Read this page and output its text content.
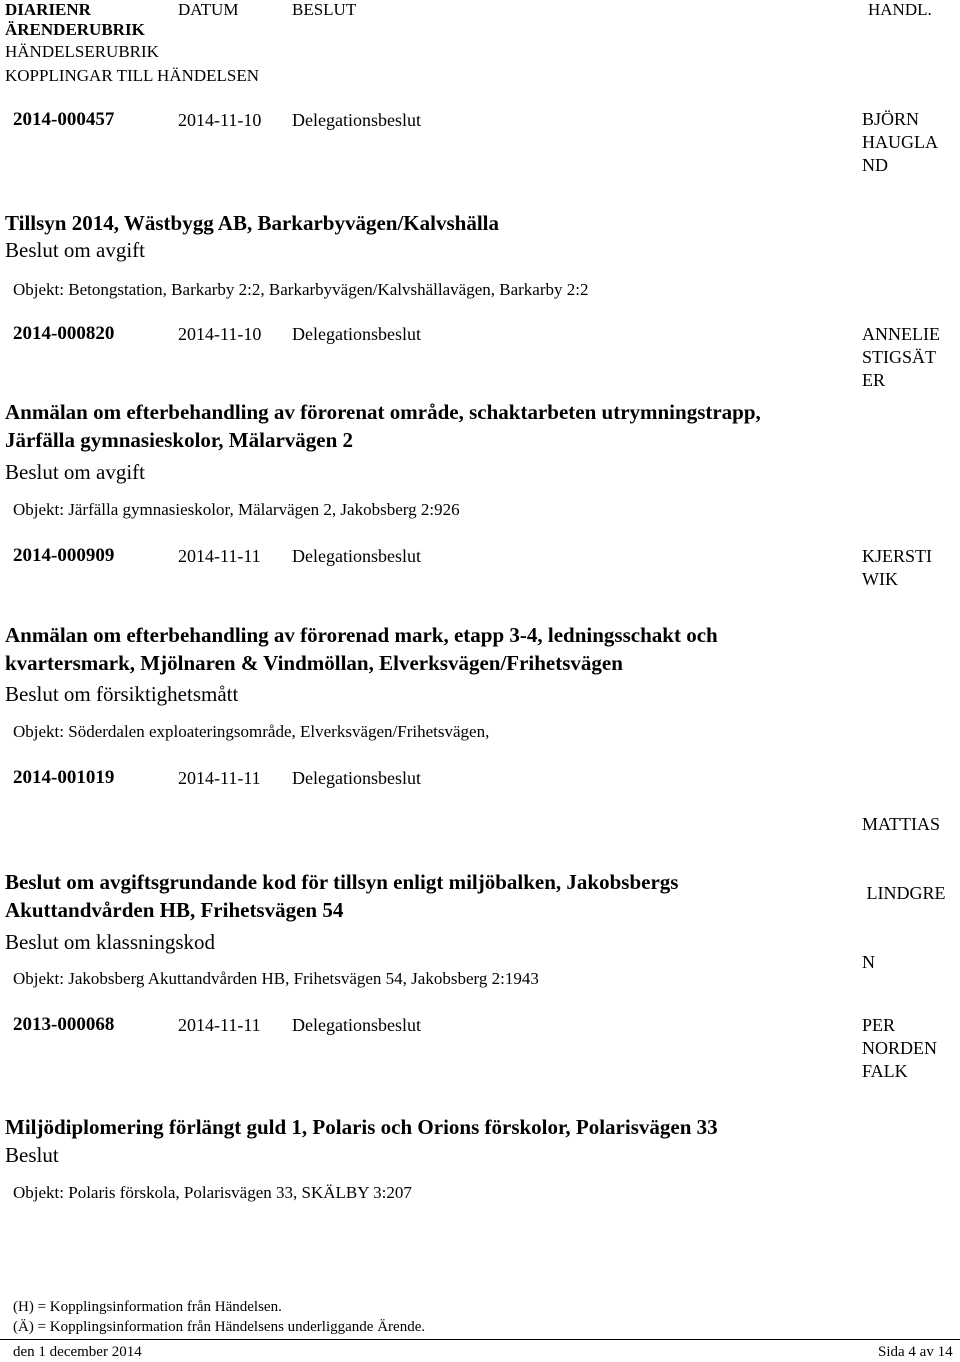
DIARIENR	DATUM	BESLUT	HANDL.
ÄRENDERUBRIK
HÄNDELSERUBRIK
KOPPLINGAR TILL HÄNDELSEN
2014-000457	2014-11-10 Delegationsbeslut	BJÖRN
HAUGLA
ND
Tillsyn 2014, Wästbygg AB, Barkarbyvägen/Kalvshälla
Beslut om avgift
Objekt: Betongstation, Barkarby 2:2, Barkarbyvägen/Kalvshällavägen, Barkarby 2:2
2014-000820	2014-11-10 Delegationsbeslut	ANNELIE
STIGSÄT
ER
Anmälan om efterbehandling av förorenat område, schaktarbeten utrymningstrapp,
Järfälla gymnasieskolor, Mälarvägen 2
Beslut om avgift
Objekt: Järfälla gymnasieskolor, Mälarvägen 2, Jakobsberg 2:926
2014-000909	2014-11-11 Delegationsbeslut	KJERSTI
WIK
Anmälan om efterbehandling av förorenad mark, etapp 3-4, ledningsschakt och
kvartersmark, Mjölnaren & Vindmöllan, Elverksvägen/Frihetsvägen
Beslut om försiktighetsmått
Objekt: Söderdalen exploateringsområde, Elverksvägen/Frihetsvägen,
2014-001019	2014-11-11 Delegationsbeslut

MATTIAS

LINDGRE

N

Beslut om avgiftsgrundande kod för tillsyn enligt miljöbalken, Jakobsbergs
Akuttandvården HB, Frihetsvägen 54
Beslut om klassningskod
Objekt: Jakobsberg Akuttandvården HB, Frihetsvägen 54, Jakobsberg 2:1943
2013-000068	2014-11-11 Delegationsbeslut	PER
NORDEN
FALK
Miljödiplomering förlängt guld 1, Polaris och Orions förskolor, Polarisvägen 33
Beslut
Objekt: Polaris förskola, Polarisvägen 33, SKÄLBY 3:207
(H) = Kopplingsinformation från Händelsen.
(Ä) = Kopplingsinformation från Händelsens underliggande Ärende.
den 1 december 2014	Sida 4 av 14
